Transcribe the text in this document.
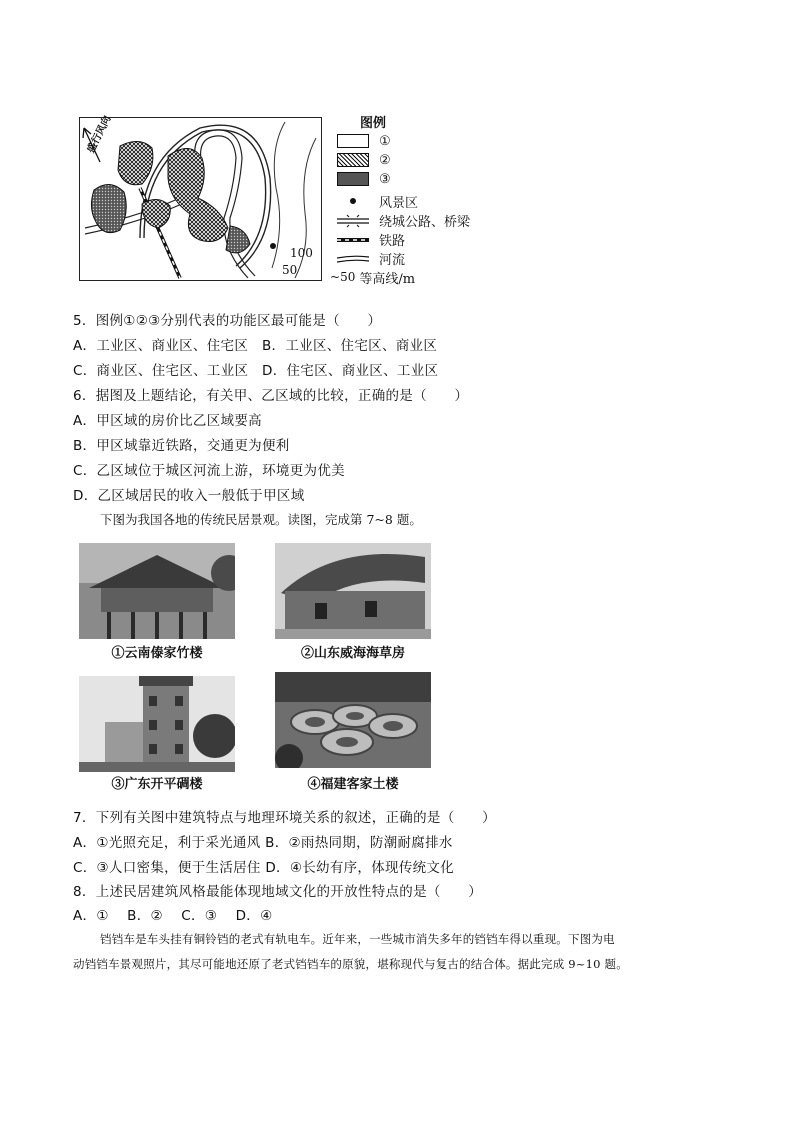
盛行风向
100
50
图例
①
②
③
风景区
绕城公路、桥梁
铁路
河流
~ 50 等高线/m
5．图例①②③分别代表的功能区最可能是（　　）
A．工业区、商业区、住宅区 B．工业区、住宅区、商业区
C．商业区、住宅区、工业区 D．住宅区、商业区、工业区
6．据图及上题结论，有关甲、乙区域的比较，正确的是（　　）
A．甲区域的房价比乙区域要高
B．甲区域靠近铁路，交通更为便利
C．乙区域位于城区河流上游，环境更为优美
D．乙区域居民的收入一般低于甲区域
下图为我国各地的传统民居景观。读图，完成第 7~8 题。
①云南傣家竹楼	②山东威海海草房
③广东开平碉楼	④福建客家土楼
7．下列有关图中建筑特点与地理环境关系的叙述，正确的是（　　）
A．①光照充足，利于采光通风 B．②雨热同期，防潮耐腐排水
C．③人口密集，便于生活居住 D．④长幼有序，体现传统文化
8．上述民居建筑风格最能体现地域文化的开放性特点的是（　　）
A．①　 B．②　 C．③　 D．④
铛铛车是车头挂有铜铃铛的老式有轨电车。近年来，一些城市消失多年的铛铛车得以重现。下图为电
动铛铛车景观照片，其尽可能地还原了老式铛铛车的原貌，堪称现代与复古的结合体。据此完成 9~10 题。
